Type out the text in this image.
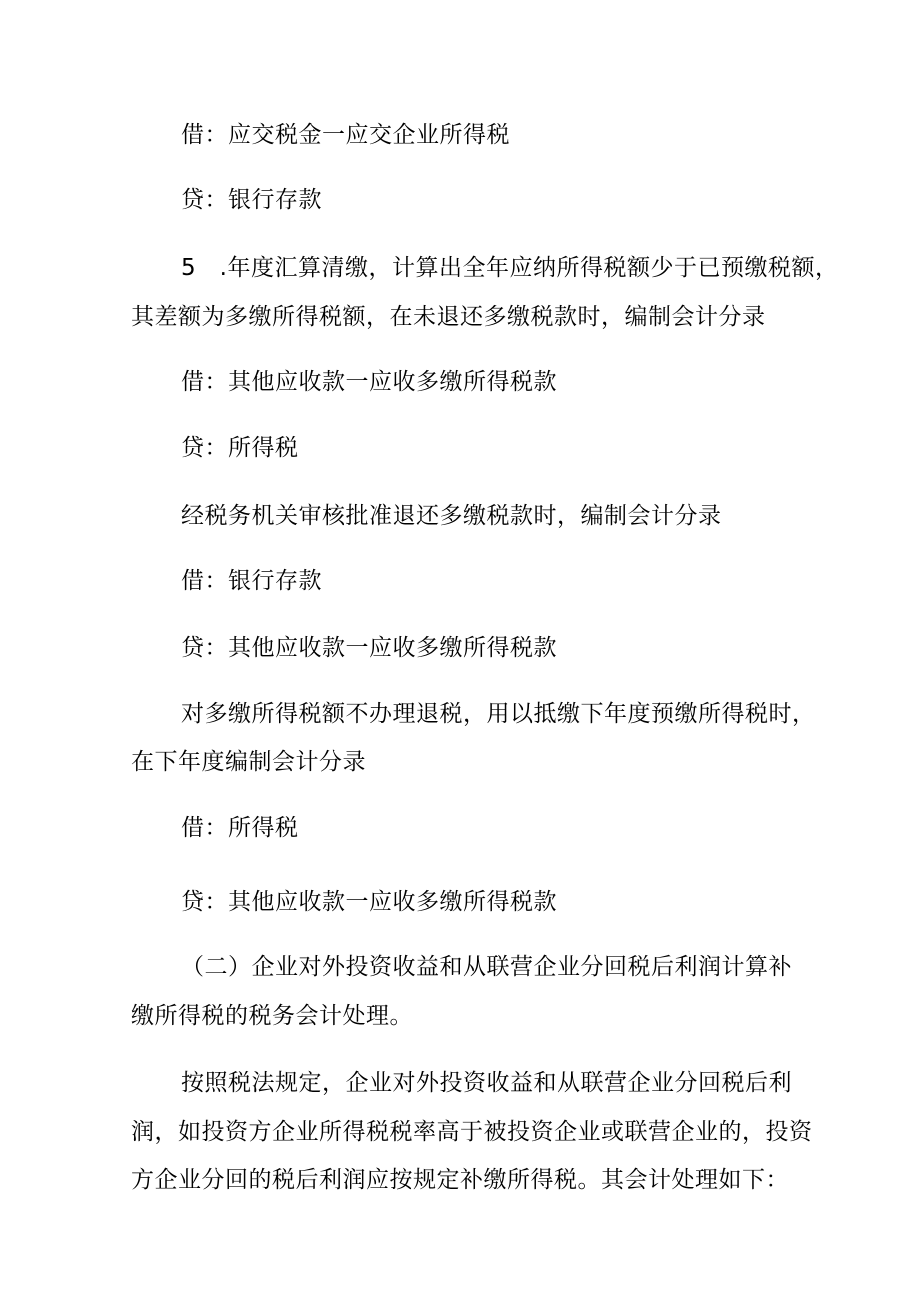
借：应交税金一应交企业所得税
贷：银行存款
5　.年度汇算清缴，计算出全年应纳所得税额少于已预缴税额，
其差额为多缴所得税额，在未退还多缴税款时，编制会计分录
借：其他应收款一应收多缴所得税款
贷：所得税
经税务机关审核批准退还多缴税款时，编制会计分录
借：银行存款
贷：其他应收款一应收多缴所得税款
对多缴所得税额不办理退税，用以抵缴下年度预缴所得税时，
在下年度编制会计分录
借：所得税
贷：其他应收款一应收多缴所得税款
（二）企业对外投资收益和从联营企业分回税后利润计算补
缴所得税的税务会计处理。
按照税法规定，企业对外投资收益和从联营企业分回税后利
润，如投资方企业所得税税率高于被投资企业或联营企业的，投资
方企业分回的税后利润应按规定补缴所得税。其会计处理如下：
